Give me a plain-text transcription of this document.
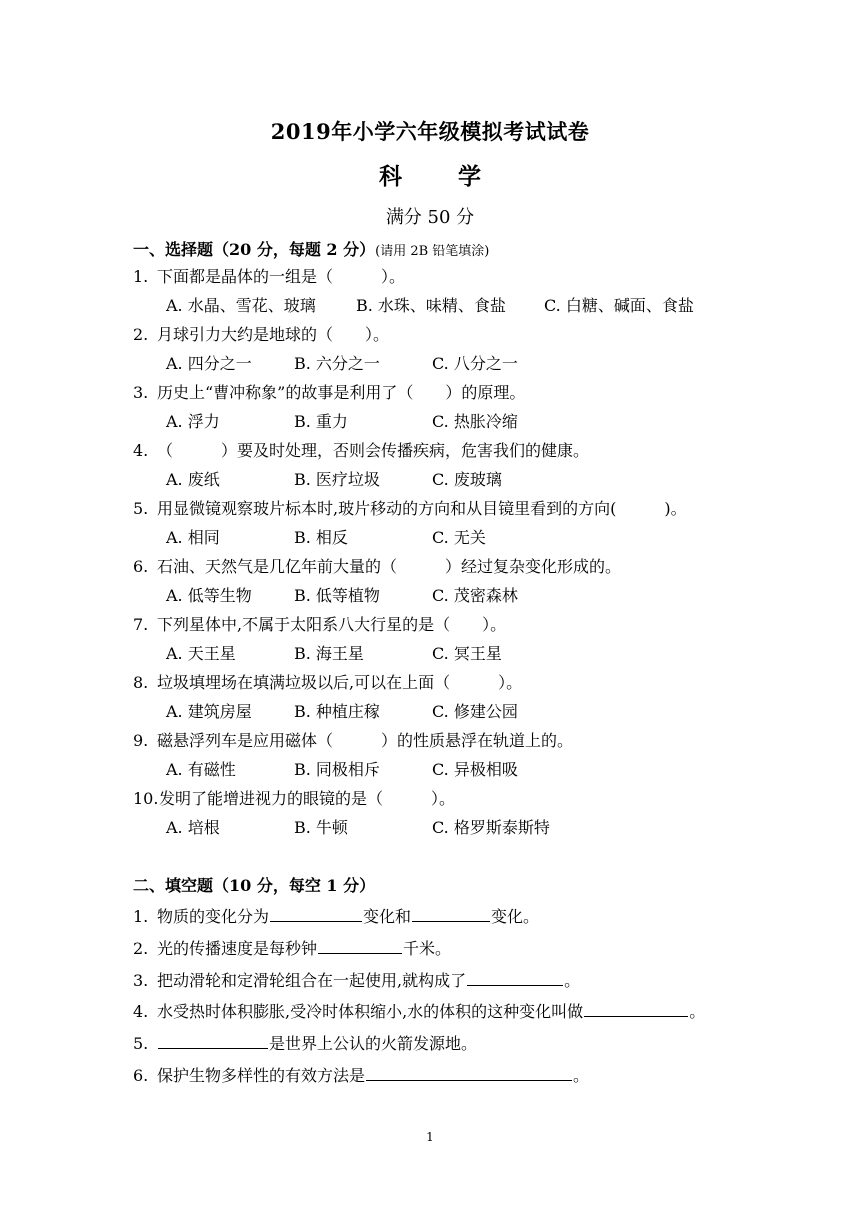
2019年小学六年级模拟考试试卷
科 学
满分 50 分
一、选择题（20 分，每题 2 分）(请用 2B 铅笔填涂)
1. 下面都是晶体的一组是（　　　	）。
A. 水晶、雪花、玻璃	B. 水珠、味精、食盐 C. 白糖、碱面、食盐
2. 月球引力大约是地球的（　　 ）。
A. 四分之一	B. 六分之一	C. 八分之一
3. 历史上“曹冲称象”的故事是利用了（　　 ）的原理。
A. 浮力	B. 重力	C. 热胀冷缩
4. （　　　	）要及时处理，否则会传播疾病，危害我们的健康。
A. 废纸	B. 医疗垃圾	C. 废玻璃
5. 用显微镜观察玻片标本时,玻片移动的方向和从目镜里看到的方向(　　　	)。
A. 相同	B. 相反	C. 无关
6. 石油、天然气是几亿年前大量的（　　　	）经过复杂变化形成的。
A. 低等生物	B. 低等植物	C. 茂密森林
7. 下列星体中,不属于太阳系八大行星的是（　　 ）。
A. 天王星	B. 海王星	C. 冥王星
8. 垃圾填埋场在填满垃圾以后,可以在上面（　　　	）。
A. 建筑房屋	B. 种植庄稼	C. 修建公园
9. 磁悬浮列车是应用磁体（　　　	）的性质悬浮在轨道上的。
A. 有磁性	B. 同极相斥	C. 异极相吸
10.发明了能增进视力的眼镜的是（　　　	）。
A. 培根	B. 牛顿	C. 格罗斯泰斯特
二、填空题（10 分，每空 1 分）
1. 物质的变化分为	变化和	变化。
2. 光的传播速度是每秒钟	千米。
3. 把动滑轮和定滑轮组合在一起使用,就构成了	。
4. 水受热时体积膨胀,受冷时体积缩小,水的体积的这种变化叫做	。
5.	是世界上公认的火箭发源地。
6. 保护生物多样性的有效方法是	。
1
